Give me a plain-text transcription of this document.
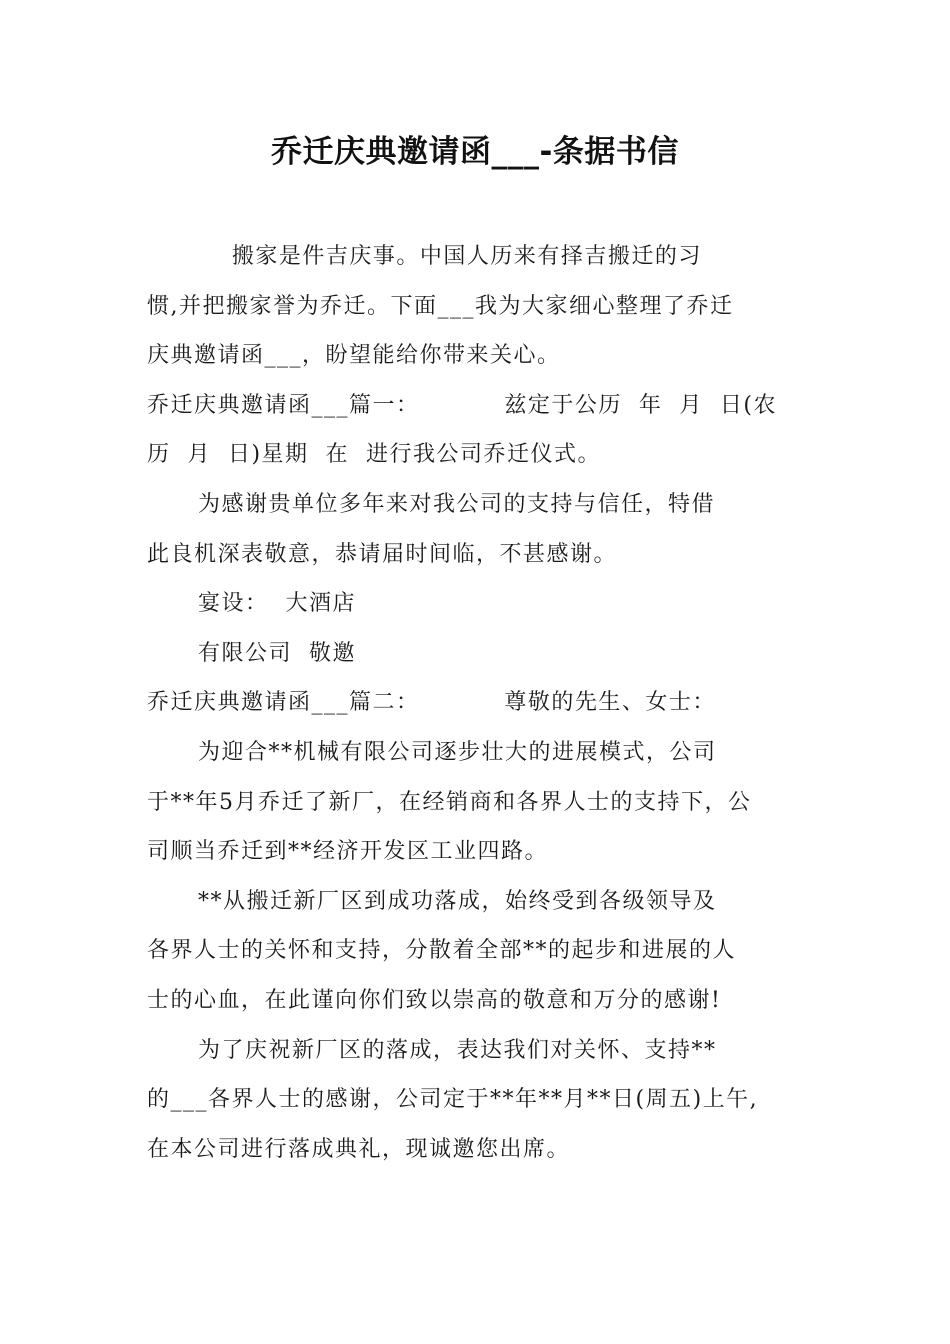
乔迁庆典邀请函___-条据书信
搬家是件吉庆事。中国人历来有择吉搬迁的习
惯,并把搬家誉为乔迁。下面___我为大家细心整理了乔迁
庆典邀请函___，盼望能给你带来关心。
乔迁庆典邀请函___篇一：          兹定于公历  年  月  日(农
历  月  日)星期  在  进行我公司乔迁仪式。
为感谢贵单位多年来对我公司的支持与信任，特借
此良机深表敬意，恭请届时间临，不甚感谢。
宴设：  大酒店
有限公司  敬邀
乔迁庆典邀请函___篇二：          尊敬的先生、女士：
为迎合**机械有限公司逐步壮大的进展模式，公司
于**年5月乔迁了新厂，在经销商和各界人士的支持下，公
司顺当乔迁到**经济开发区工业四路。
**从搬迁新厂区到成功落成，始终受到各级领导及
各界人士的关怀和支持，分散着全部**的起步和进展的人
士的心血，在此谨向你们致以崇高的敬意和万分的感谢!
为了庆祝新厂区的落成，表达我们对关怀、支持**
的___各界人士的感谢，公司定于**年**月**日(周五)上午,
在本公司进行落成典礼，现诚邀您出席。
